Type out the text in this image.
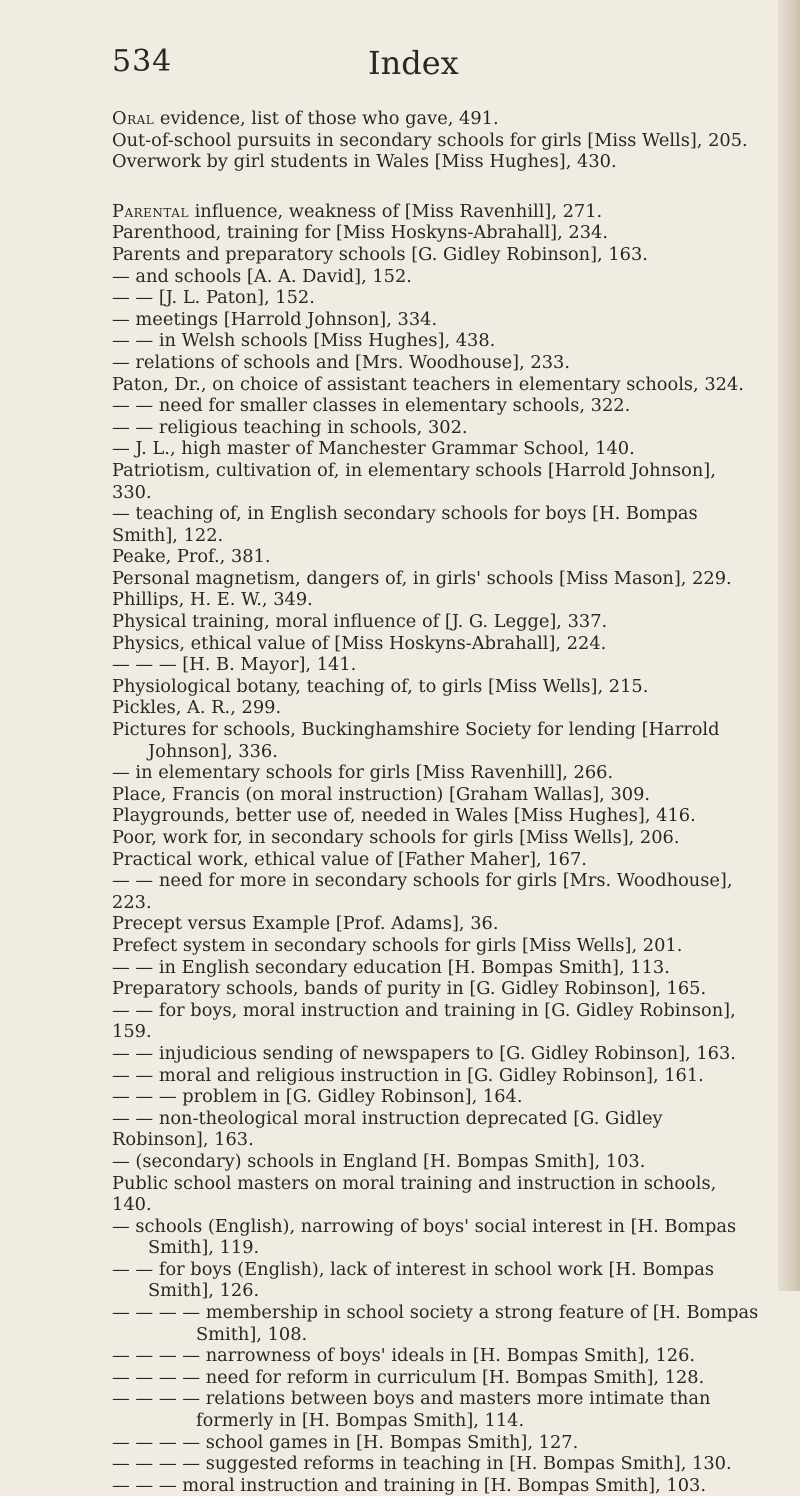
534	Index
Oral evidence, list of those who gave, 491.
Out-of-school pursuits in secondary schools for girls [Miss Wells], 205.
Overwork by girl students in Wales [Miss Hughes], 430.
Parental influence, weakness of [Miss Ravenhill], 271.
Parenthood, training for [Miss Hoskyns-Abrahall], 234.
Parents and preparatory schools [G. Gidley Robinson], 163.
— and schools [A. A. David], 152.
— — [J. L. Paton], 152.
— meetings [Harrold Johnson], 334.
— — in Welsh schools [Miss Hughes], 438.
— relations of schools and [Mrs. Woodhouse], 233.
Paton, Dr., on choice of assistant teachers in elementary schools, 324.
— — need for smaller classes in elementary schools, 322.
— — religious teaching in schools, 302.
— J. L., high master of Manchester Grammar School, 140.
Patriotism, cultivation of, in elementary schools [Harrold Johnson], 330.
— teaching of, in English secondary schools for boys [H. Bompas Smith], 122.
Peake, Prof., 381.
Personal magnetism, dangers of, in girls' schools [Miss Mason], 229.
Phillips, H. E. W., 349.
Physical training, moral influence of [J. G. Legge], 337.
Physics, ethical value of [Miss Hoskyns-Abrahall], 224.
— — — [H. B. Mayor], 141.
Physiological botany, teaching of, to girls [Miss Wells], 215.
Pickles, A. R., 299.
Pictures for schools, Buckinghamshire Society for lending [Harrold Johnson], 336.
— in elementary schools for girls [Miss Ravenhill], 266.
Place, Francis (on moral instruction) [Graham Wallas], 309.
Playgrounds, better use of, needed in Wales [Miss Hughes], 416.
Poor, work for, in secondary schools for girls [Miss Wells], 206.
Practical work, ethical value of [Father Maher], 167.
— — need for more in secondary schools for girls [Mrs. Woodhouse], 223.
Precept versus Example [Prof. Adams], 36.
Prefect system in secondary schools for girls [Miss Wells], 201.
— — in English secondary education [H. Bompas Smith], 113.
Preparatory schools, bands of purity in [G. Gidley Robinson], 165.
— — for boys, moral instruction and training in [G. Gidley Robinson], 159.
— — injudicious sending of newspapers to [G. Gidley Robinson], 163.
— — moral and religious instruction in [G. Gidley Robinson], 161.
— — — problem in [G. Gidley Robinson], 164.
— — non-theological moral instruction deprecated [G. Gidley Robinson], 163.
— (secondary) schools in England [H. Bompas Smith], 103.
Public school masters on moral training and instruction in schools, 140.
— schools (English), narrowing of boys' social interest in [H. Bompas Smith], 119.
— — for boys (English), lack of interest in school work [H. Bompas Smith], 126.
— — — — membership in school society a strong feature of [H. Bompas Smith], 108.
— — — — narrowness of boys' ideals in [H. Bompas Smith], 126.
— — — — need for reform in curriculum [H. Bompas Smith], 128.
— — — — relations between boys and masters more intimate than formerly in [H. Bompas Smith], 114.
— — — — school games in [H. Bompas Smith], 127.
— — — — suggested reforms in teaching in [H. Bompas Smith], 130.
— — — moral instruction and training in [H. Bompas Smith], 103.
